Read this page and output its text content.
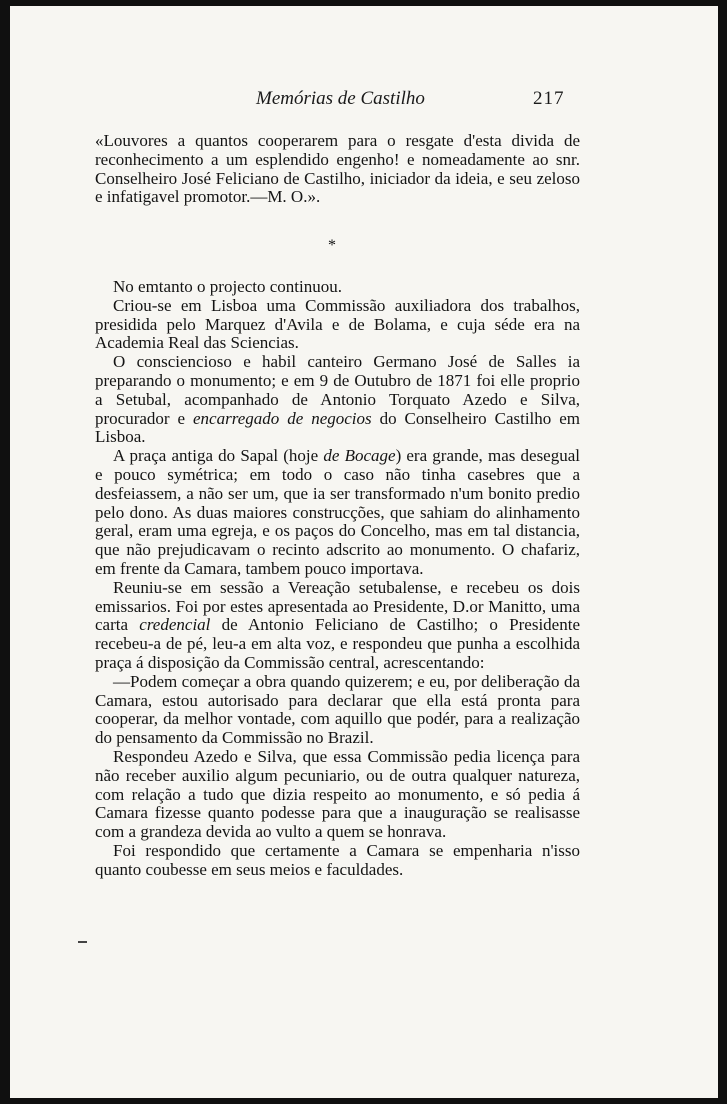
Memórias de Castilho	217

«Louvores a quantos cooperarem para o resgate d'esta divida de reconhecimento a um esplendido engenho! e nomeadamente ao snr. Conselheiro José Feliciano de Castilho, iniciador da ideia, e seu zeloso e infatigavel promotor.—M. O.».

*

No emtanto o projecto continuou.

Criou-se em Lisboa uma Commissão auxiliadora dos trabalhos, presidida pelo Marquez d'Avila e de Bolama, e cuja séde era na Academia Real das Sciencias.

O consciencioso e habil canteiro Germano José de Salles ia preparando o monumento; e em 9 de Outubro de 1871 foi elle proprio a Setubal, acompanhado de Antonio Torquato Azedo e Silva, procurador e encarregado de negocios do Conselheiro Castilho em Lisboa.

A praça antiga do Sapal (hoje de Bocage) era grande, mas desegual e pouco symétrica; em todo o caso não tinha casebres que a desfeiassem, a não ser um, que ia ser transformado n'um bonito predio pelo dono. As duas maiores construcções, que sahiam do alinhamento geral, eram uma egreja, e os paços do Concelho, mas em tal distancia, que não prejudicavam o recinto adscrito ao monumento. O chafariz, em frente da Camara, tambem pouco importava.

Reuniu-se em sessão a Vereação setubalense, e recebeu os dois emissarios. Foi por estes apresentada ao Presidente, D.or Manitto, uma carta credencial de Antonio Feliciano de Castilho; o Presidente recebeu-a de pé, leu-a em alta voz, e respondeu que punha a escolhida praça á disposição da Commissão central, acrescentando:

—Podem começar a obra quando quizerem; e eu, por deliberação da Camara, estou autorisado para declarar que ella está pronta para cooperar, da melhor vontade, com aquillo que podér, para a realização do pensamento da Commissão no Brazil.

Respondeu Azedo e Silva, que essa Commissão pedia licença para não receber auxilio algum pecuniario, ou de outra qualquer natureza, com relação a tudo que dizia respeito ao monumento, e só pedia á Camara fizesse quanto podesse para que a inauguração se realisasse com a grandeza devida ao vulto a quem se honrava.

Foi respondido que certamente a Camara se empenharia n'isso quanto coubesse em seus meios e faculdades.
